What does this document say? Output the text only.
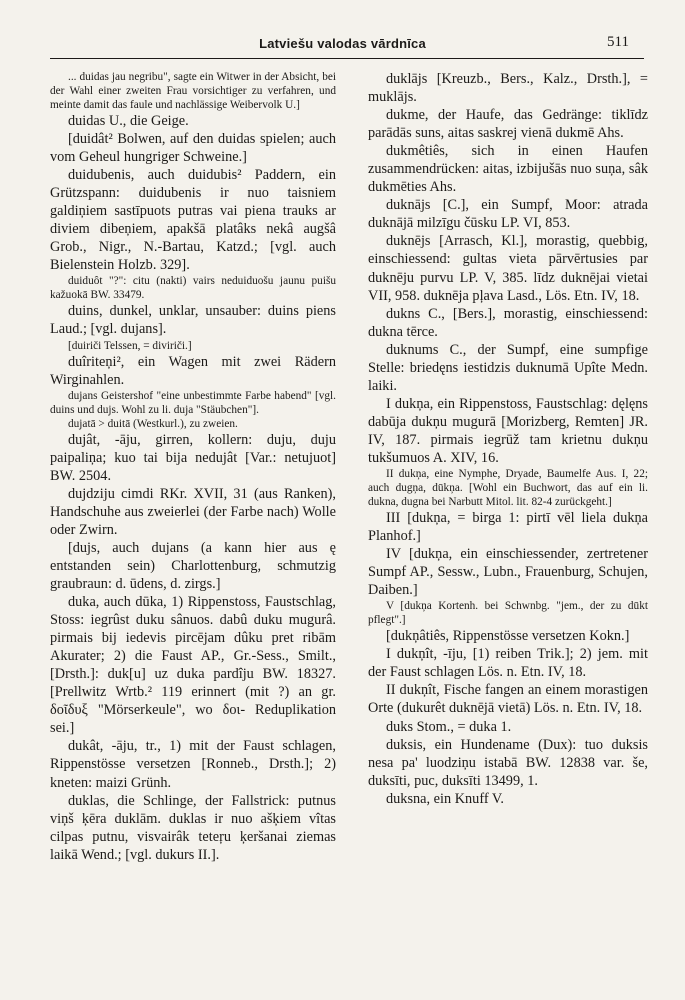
Latviešu valodas vārdnīca	511

... duidas jau negribu", sagte ein Witwer in der Absicht, bei der Wahl einer zweiten Frau vorsichtiger zu verfahren, und meinte damit das faule und nachlässige Weibervolk U.]

duidas U., die Geige.

[duidât² Bolwen, auf den duidas spielen; auch vom Geheul hungriger Schweine.]

duidubenis, auch duidubis² Paddern, ein Grützspann: duidubenis ir nuo taisniem galdiņiem sastīpuots putras vai piena trauks ar diviem dibeņiem, apakšā platâks nekâ augšâ Grob., Nigr., N.-Bartau, Katzd.; [vgl. auch Bielenstein Holzb. 329].

duiduôt "?": citu (nakti) vairs neduiduošu jaunu puišu kažuokā BW. 33479.

duins, dunkel, unklar, unsauber: duins piens Laud.; [vgl. dujans].

[duiriči Telssen, = diviriči.]

duîriteņi², ein Wagen mit zwei Rädern Wirginahlen.

dujans Geistershof "eine unbestimmte Farbe habend" [vgl. duins und dujs. Wohl zu li. duja "Stäubchen"].

dujatā > duitā (Westkurl.), zu zweien.

dujât, -āju, girren, kollern: duju, duju paipaliņa; kuo tai bija nedujât [Var.: netujuot] BW. 2504.

dujdziju cimdi RKr. XVII, 31 (aus Ranken), Handschuhe aus zweierlei (der Farbe nach) Wolle oder Zwirn.

[dujs, auch dujans (a kann hier aus ę entstanden sein) Charlottenburg, schmutzig graubraun: d. ūdens, d. zirgs.]

duka, auch dūka, 1) Rippenstoss, Faustschlag, Stoss: iegrûst duku sânuos. dabû duku mugurâ. pirmais bij iedevis pircējam dûku pret ribām Akurater; 2) die Faust AP., Gr.-Sess., Smilt., [Drsth.]: duk[u] uz duka pardîju BW. 18327. [Prellwitz Wrtb.² 119 erinnert (mit ?) an gr. δοῖδυξ "Mörserkeule", wo δοι- Reduplikation sei.]

dukât, -āju, tr., 1) mit der Faust schlagen, Rippenstösse versetzen [Ronneb., Drsth.]; 2) kneten: maizi Grünh.

duklas, die Schlinge, der Fallstrick: putnus viņš ķēra duklām. duklas ir nuo ašķiem vîtas cilpas putnu, visvairâk teteŗu ķeršanai ziemas laikā Wend.; [vgl. dukurs II.].

duklājs [Kreuzb., Bers., Kalz., Drsth.], = muklājs.

dukme, der Haufe, das Gedränge: tiklīdz parādās suns, aitas saskrej vienā dukmē Ahs.

dukmêtiês, sich in einen Haufen zusammendrücken: aitas, izbijušās nuo suņa, sâk dukmēties Ahs.

duknājs [C.], ein Sumpf, Moor: atrada duknājā milzīgu čūsku LP. VI, 853.

duknējs [Arrasch, Kl.], morastig, quebbig, einschiessend: gultas vieta pārvērtusies par duknēju purvu LP. V, 385. līdz duknējai vietai VII, 958. duknēja pļava Lasd., Lös. Etn. IV, 18.

dukns C., [Bers.], morastig, einschiessend: dukna tērce.

duknums C., der Sumpf, eine sumpfige Stelle: briedęns iestidzis duknumā Upîte Medn. laiki.

I dukņa, ein Rippenstoss, Faustschlag: dęlęns dabūja dukņu mugurā [Morizberg, Remten] JR. IV, 187. pirmais iegrūž tam krietnu dukņu tukšumuos A. XIV, 16.

II dukņa, eine Nymphe, Dryade, Baumelfe Aus. I, 22; auch dugņa, dūkņa. [Wohl ein Buchwort, das auf ein li. dukna, dugna bei Narbutt Mitol. lit. 82-4 zurückgeht.]

III [dukņa, = birga 1: pirtī vēl liela dukņa Planhof.]

IV [dukņa, ein einschiessender, zertretener Sumpf AP., Sessw., Lubn., Frauenburg, Schujen, Daiben.]

V [dukņa Kortenh. bei Schwnbg. "jem., der zu dūkt pflegt".]

[dukņâtiês, Rippenstösse versetzen Kokn.]

I dukņît, -īju, [1) reiben Trik.]; 2) jem. mit der Faust schlagen Lös. n. Etn. IV, 18.

II dukņît, Fische fangen an einem morastigen Orte (dukurêt duknējā vietā) Lös. n. Etn. IV, 18.

duks Stom., = duka 1.

duksis, ein Hundename (Dux): tuo duksis nesa pa' luodziņu istabā BW. 12838 var. še, duksīti, puc, duksīti 13499, 1.

duksna, ein Knuff V.
